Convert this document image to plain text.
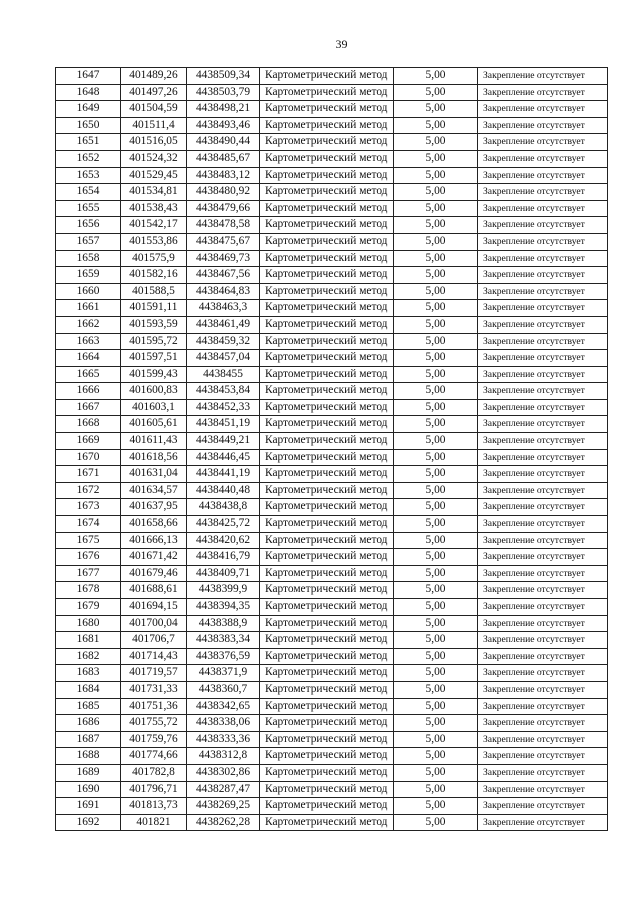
39
1647	401489,26	4438509,34	Картометрический метод	5,00	Закрепление отсутствует
1648	401497,26	4438503,79	Картометрический метод	5,00	Закрепление отсутствует
1649	401504,59	4438498,21	Картометрический метод	5,00	Закрепление отсутствует
1650	401511,4	4438493,46	Картометрический метод	5,00	Закрепление отсутствует
1651	401516,05	4438490,44	Картометрический метод	5,00	Закрепление отсутствует
1652	401524,32	4438485,67	Картометрический метод	5,00	Закрепление отсутствует
1653	401529,45	4438483,12	Картометрический метод	5,00	Закрепление отсутствует
1654	401534,81	4438480,92	Картометрический метод	5,00	Закрепление отсутствует
1655	401538,43	4438479,66	Картометрический метод	5,00	Закрепление отсутствует
1656	401542,17	4438478,58	Картометрический метод	5,00	Закрепление отсутствует
1657	401553,86	4438475,67	Картометрический метод	5,00	Закрепление отсутствует
1658	401575,9	4438469,73	Картометрический метод	5,00	Закрепление отсутствует
1659	401582,16	4438467,56	Картометрический метод	5,00	Закрепление отсутствует
1660	401588,5	4438464,83	Картометрический метод	5,00	Закрепление отсутствует
1661	401591,11	4438463,3	Картометрический метод	5,00	Закрепление отсутствует
1662	401593,59	4438461,49	Картометрический метод	5,00	Закрепление отсутствует
1663	401595,72	4438459,32	Картометрический метод	5,00	Закрепление отсутствует
1664	401597,51	4438457,04	Картометрический метод	5,00	Закрепление отсутствует
1665	401599,43	4438455	Картометрический метод	5,00	Закрепление отсутствует
1666	401600,83	4438453,84	Картометрический метод	5,00	Закрепление отсутствует
1667	401603,1	4438452,33	Картометрический метод	5,00	Закрепление отсутствует
1668	401605,61	4438451,19	Картометрический метод	5,00	Закрепление отсутствует
1669	401611,43	4438449,21	Картометрический метод	5,00	Закрепление отсутствует
1670	401618,56	4438446,45	Картометрический метод	5,00	Закрепление отсутствует
1671	401631,04	4438441,19	Картометрический метод	5,00	Закрепление отсутствует
1672	401634,57	4438440,48	Картометрический метод	5,00	Закрепление отсутствует
1673	401637,95	4438438,8	Картометрический метод	5,00	Закрепление отсутствует
1674	401658,66	4438425,72	Картометрический метод	5,00	Закрепление отсутствует
1675	401666,13	4438420,62	Картометрический метод	5,00	Закрепление отсутствует
1676	401671,42	4438416,79	Картометрический метод	5,00	Закрепление отсутствует
1677	401679,46	4438409,71	Картометрический метод	5,00	Закрепление отсутствует
1678	401688,61	4438399,9	Картометрический метод	5,00	Закрепление отсутствует
1679	401694,15	4438394,35	Картометрический метод	5,00	Закрепление отсутствует
1680	401700,04	4438388,9	Картометрический метод	5,00	Закрепление отсутствует
1681	401706,7	4438383,34	Картометрический метод	5,00	Закрепление отсутствует
1682	401714,43	4438376,59	Картометрический метод	5,00	Закрепление отсутствует
1683	401719,57	4438371,9	Картометрический метод	5,00	Закрепление отсутствует
1684	401731,33	4438360,7	Картометрический метод	5,00	Закрепление отсутствует
1685	401751,36	4438342,65	Картометрический метод	5,00	Закрепление отсутствует
1686	401755,72	4438338,06	Картометрический метод	5,00	Закрепление отсутствует
1687	401759,76	4438333,36	Картометрический метод	5,00	Закрепление отсутствует
1688	401774,66	4438312,8	Картометрический метод	5,00	Закрепление отсутствует
1689	401782,8	4438302,86	Картометрический метод	5,00	Закрепление отсутствует
1690	401796,71	4438287,47	Картометрический метод	5,00	Закрепление отсутствует
1691	401813,73	4438269,25	Картометрический метод	5,00	Закрепление отсутствует
1692	401821	4438262,28	Картометрический метод	5,00	Закрепление отсутствует
